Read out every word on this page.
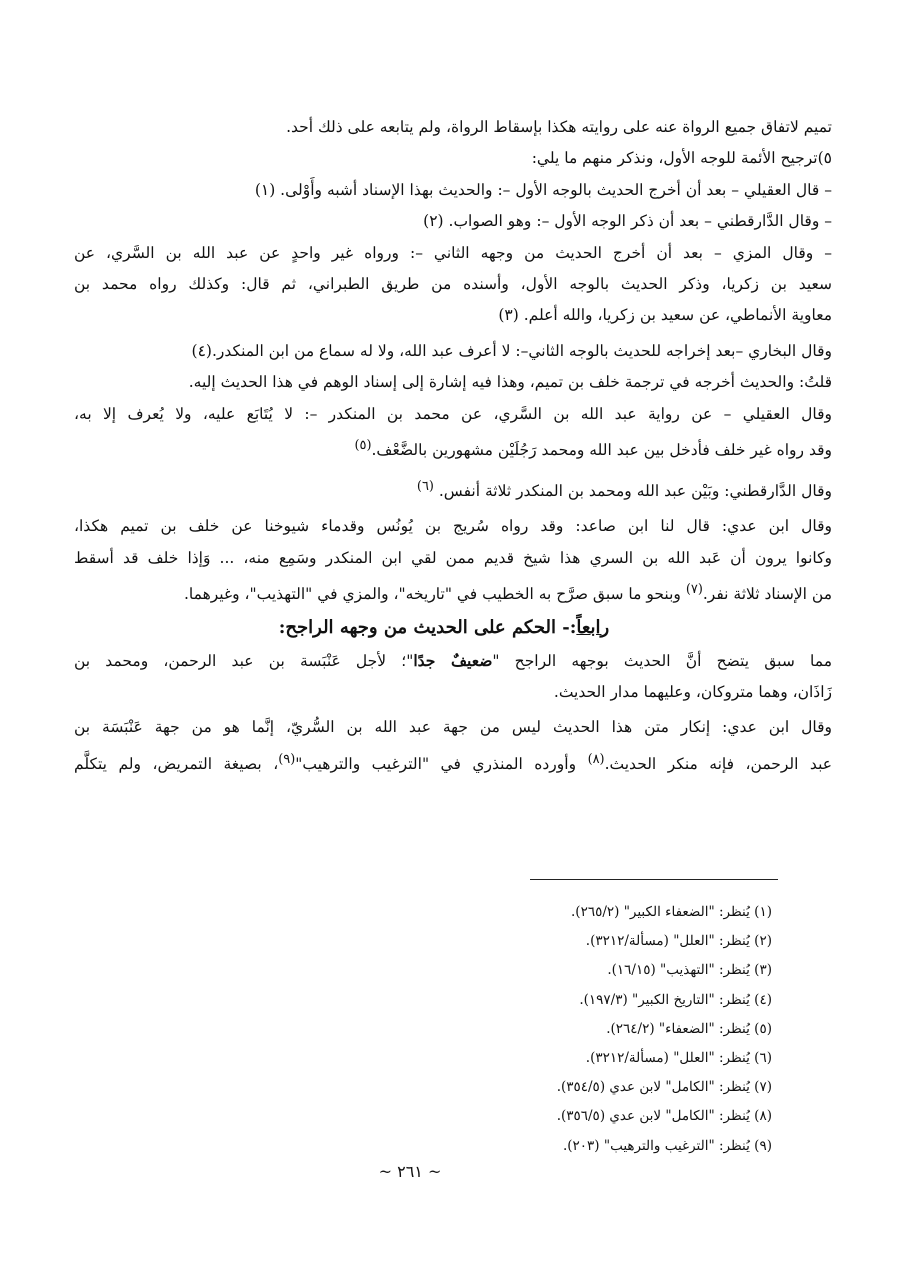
تميم لاتفاق جميع الرواة عنه على روايته هكذا بإسقاط الرواة، ولم يتابعه على ذلك أحد.

٥)ترجيح الأئمة للوجه الأول، ونذكر منهم ما يلي:

– قال العقيلي – بعد أن أخرج الحديث بالوجه الأول –: والحديث بهذا الإسناد أشبه وأَوْلى. (١)

– وقال الدَّارقطني – بعد أن ذكر الوجه الأول –: وهو الصواب. (٢)

– وقال المزي – بعد أن أخرج الحديث من وجهه الثاني –: ورواه غير واحدٍ عن عبد الله بن السَّري، عن

سعيد بن زكريا، وذكر الحديث بالوجه الأول، وأسنده من طريق الطبراني، ثم قال: وكذلك رواه محمد بن

معاوية الأنماطي، عن سعيد بن زكريا، والله أعلم. (٣)

وقال البخاري –بعد إخراجه للحديث بالوجه الثاني–: لا أعرف عبد الله، ولا له سماع من ابن المنكدر.(٤)

قلتُ: والحديث أخرجه في ترجمة خلف بن تميم، وهذا فيه إشارة إلى إسناد الوهم في هذا الحديث إليه.

وقال العقيلي – عن رواية عبد الله بن السَّري، عن محمد بن المنكدر –: لا يُتَابَع عليه، ولا يُعرف إلا به،

وقد رواه غير خلف فأدخل بين عبد الله ومحمد رَجُلَيْن مشهورين بالضَّعْف.$^{(٥)}$

وقال الدَّارقطني: وبَيْن عبد الله ومحمد بن المنكدر ثلاثة أنفس. $^{(٦)}$

وقال ابن عدي: قال لنا ابن صاعد: وقد رواه سُريج بن يُونُس وقدماء شيوخنا عن خلف بن تميم هكذا،

وكانوا يرون أن عَبد الله بن السري هذا شيخ قديم ممن لقي ابن المنكدر وسَمِع منه، ... وَإذا خلف قد أسقط

من الإسناد ثلاثة نفر.$^{(٧)}$ وبنحو ما سبق صرَّح به الخطيب في "تاريخه"، والمزي في "التهذيب"، وغيرهما.

رابعاً:- الحكم على الحديث من وجهه الراجح:

مما سبق يتضح أنَّ الحديث بوجهه الراجح "ضعيفٌ جدًا"؛ لأجل عَنْبَسة بن عبد الرحمن، ومحمد بن

زَاذَان، وهما متروكان، وعليهما مدار الحديث.

وقال ابن عدي: إنكار متن هذا الحديث ليس من جهة عبد الله بن السُّريّ، إنَّما هو من جهة عَنْبَسَة بن

عبد الرحمن، فإنه منكر الحديث.$^{(٨)}$ وأورده المنذري في "الترغيب والترهيب"$^{(٩)}$، بصيغة التمريض، ولم يتكلَّم

(١) يُنظر: "الضعفاء الكبير" (٢٦٥/٢).

(٢) يُنظر: "العلل" (مسألة/٣٢١٢).

(٣) يُنظر: "التهذيب" (١٦/١٥).

(٤) يُنظر: "التاريخ الكبير" (١٩٧/٣).

(٥) يُنظر: "الضعفاء" (٢٦٤/٢).

(٦) يُنظر: "العلل" (مسألة/٣٢١٢).

(٧) يُنظر: "الكامل" لابن عدي (٣٥٤/٥).

(٨) يُنظر: "الكامل" لابن عدي (٣٥٦/٥).

(٩) يُنظر: "الترغيب والترهيب" (٢٠٣).

~ ٢٦١ ~
